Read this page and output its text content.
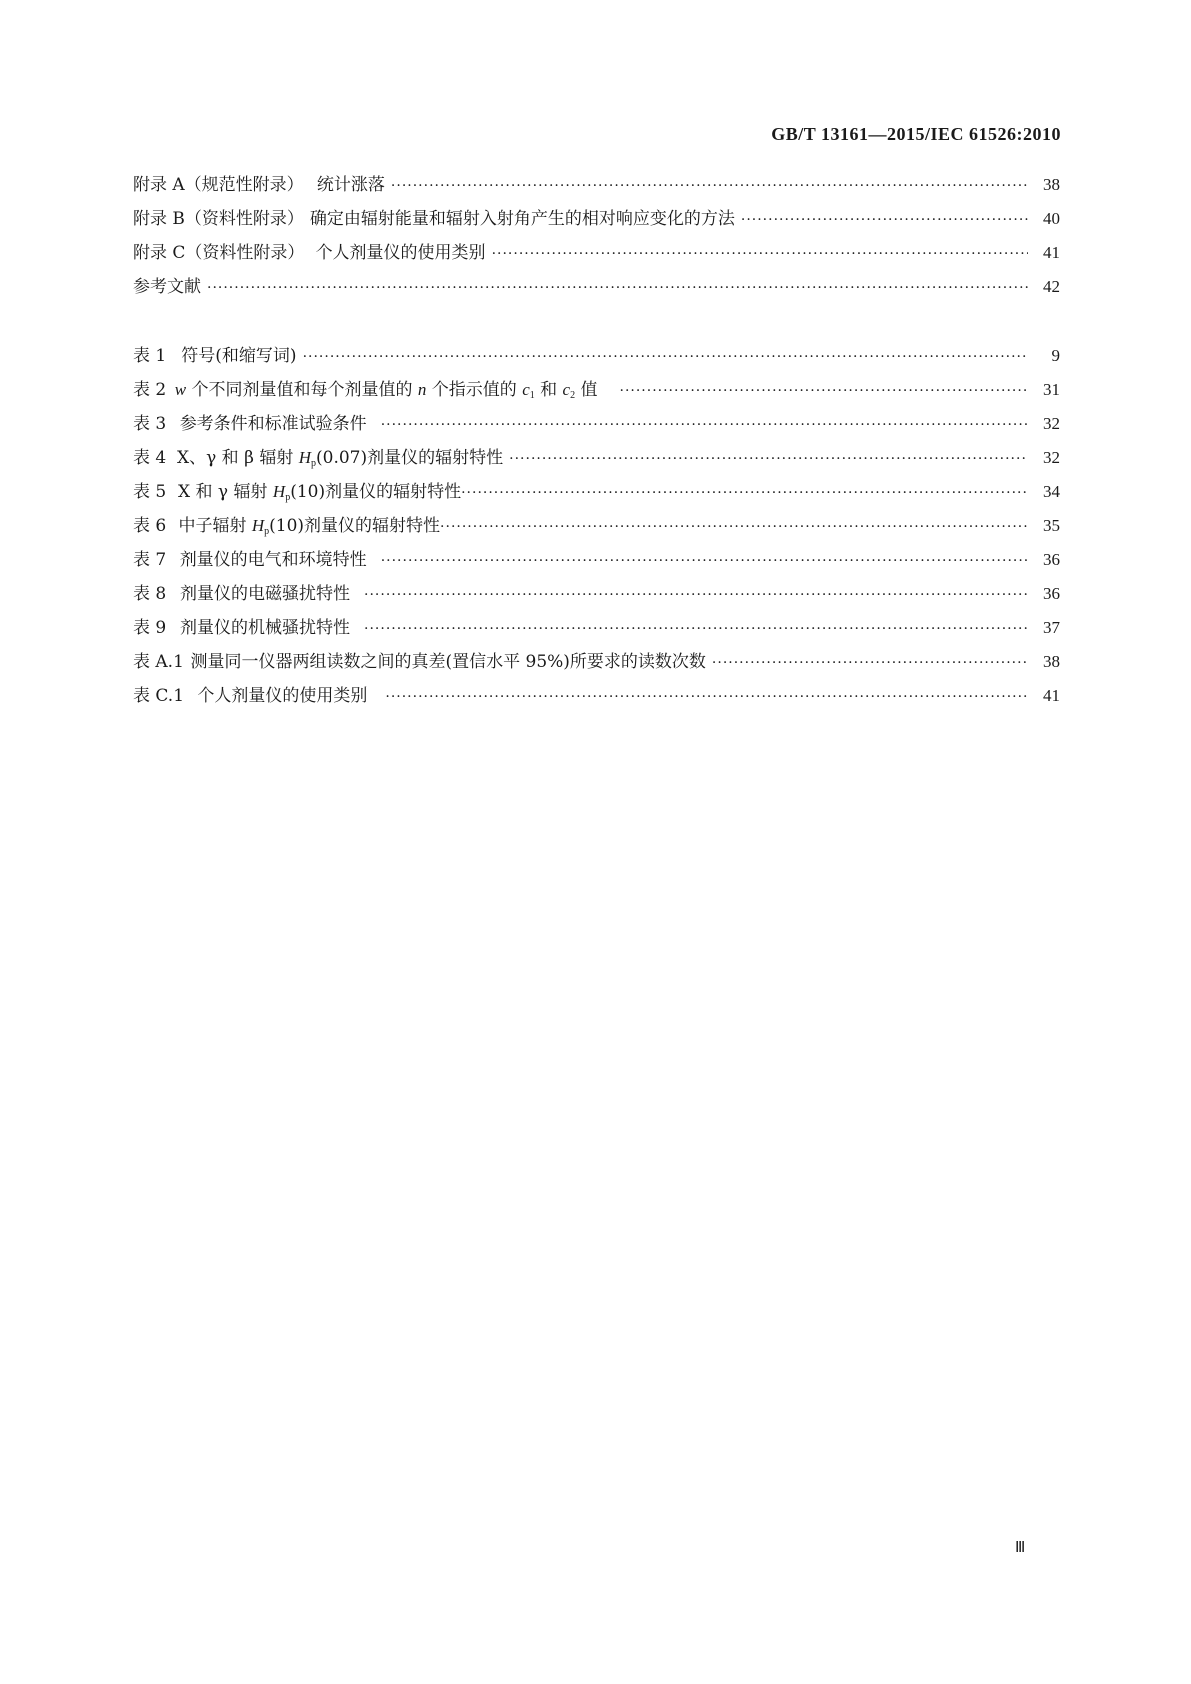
GB/T 13161—2015/IEC 61526:2010
附录 A（规范性附录） 统计涨落 ·····	38
附录 B（资料性附录） 确定由辐射能量和辐射入射角产生的相对响应变化的方法 ·····	40
附录 C（资料性附录） 个人剂量仪的使用类别 ·····	41
参考文献 ·····	42
表 1 符号(和缩写词) ·····	9
表 2 w 个不同剂量值和每个剂量值的 n 个指示值的 $c_1$ 和 $c_2$ 值 ·····	31
表 3 参考条件和标准试验条件 ·····	32
表 4 X、γ 和 β 辐射 $H_p(0.07)$剂量仪的辐射特性 ·····	32
表 5 X 和 γ 辐射 $H_p(10)$剂量仪的辐射特性 ·····	34
表 6 中子辐射 $H_p(10)$剂量仪的辐射特性 ·····	35
表 7 剂量仪的电气和环境特性 ·····	36
表 8 剂量仪的电磁骚扰特性 ·····	36
表 9 剂量仪的机械骚扰特性 ·····	37
表 A.1 测量同一仪器两组读数之间的真差(置信水平 95%)所要求的读数次数 ·····	38
表 C.1 个人剂量仪的使用类别 ·····	41
Ⅲ
